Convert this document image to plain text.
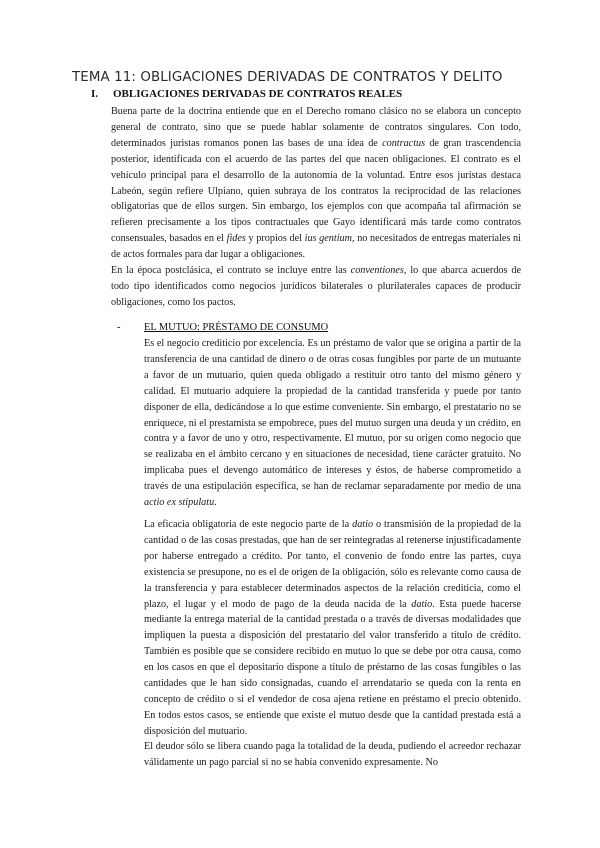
TEMA 11: OBLIGACIONES DERIVADAS DE CONTRATOS Y DELITO
I. OBLIGACIONES DERIVADAS DE CONTRATOS REALES
Buena parte de la doctrina entiende que en el Derecho romano clásico no se elabora un concepto general de contrato, sino que se puede hablar solamente de contratos singulares. Con todo, determinados juristas romanos ponen las bases de una idea de contractus de gran trascendencia posterior, identificada con el acuerdo de las partes del que nacen obligaciones. El contrato es el vehículo principal para el desarrollo de la autonomía de la voluntad. Entre esos juristas destaca Labeón, según refiere Ulpiano, quien subraya de los contratos la reciprocidad de las relaciones obligatorias que de ellos surgen. Sin embargo, los ejemplos con que acompaña tal afirmación se refieren precisamente a los tipos contractuales que Gayo identificará más tarde como contratos consensuales, basados en el fides y propios del ius gentium, no necesitados de entregas materiales ni de actos formales para dar lugar a obligaciones.
En la época postclásica, el contrato se incluye entre las conventiones, lo que abarca acuerdos de todo tipo identificados como negocios jurídicos bilaterales o plurilaterales capaces de producir obligaciones, como los pactos.
- EL MUTUO: PRÉSTAMO DE CONSUMO
Es el negocio crediticio por excelencia. Es un préstamo de valor que se origina a partir de la transferencia de una cantidad de dinero o de otras cosas fungibles por parte de un mutuante a favor de un mutuario, quien queda obligado a restituir otro tanto del mismo género y calidad. El mutuario adquiere la propiedad de la cantidad transferida y puede por tanto disponer de ella, dedicándose a lo que estime conveniente. Sin embargo, el prestatario no se enriquece, ni el prestamista se empobrece, pues del mutuo surgen una deuda y un crédito, en contra y a favor de uno y otro, respectivamente. El mutuo, por su origen como negocio que se realizaba en el ámbito cercano y en situaciones de necesidad, tiene carácter gratuito. No implicaba pues el devengo automático de intereses y éstos, de haberse comprometido a través de una estipulación específica, se han de reclamar separadamente por medio de una actio ex stipulatu.
La eficacia obligatoria de este negocio parte de la datio o transmisión de la propiedad de la cantidad o de las cosas prestadas, que han de ser reintegradas al retenerse injustificadamente por haberse entregado a crédito. Por tanto, el convenio de fondo entre las partes, cuya existencia se presupone, no es el de origen de la obligación, sólo es relevante como causa de la transferencia y para establecer determinados aspectos de la relación crediticia, como el plazo, el lugar y el modo de pago de la deuda nacida de la datio. Esta puede hacerse mediante la entrega material de la cantidad prestada o a través de diversas modalidades que impliquen la puesta a disposición del prestatario del valor transferido a título de crédito. También es posible que se considere recibido en mutuo lo que se debe por otra causa, como en los casos en que el depositario dispone a título de préstamo de las cosas fungibles o las cantidades que le han sido consignadas, cuando el arrendatario se queda con la renta en concepto de crédito o si el vendedor de cosa ajena retiene en préstamo el precio obtenido. En todos estos casos, se entiende que existe el mutuo desde que la cantidad prestada está a disposición del mutuario.
El deudor sólo se libera cuando paga la totalidad de la deuda, pudiendo el acreedor rechazar válidamente un pago parcial si no se había convenido expresamente. No
